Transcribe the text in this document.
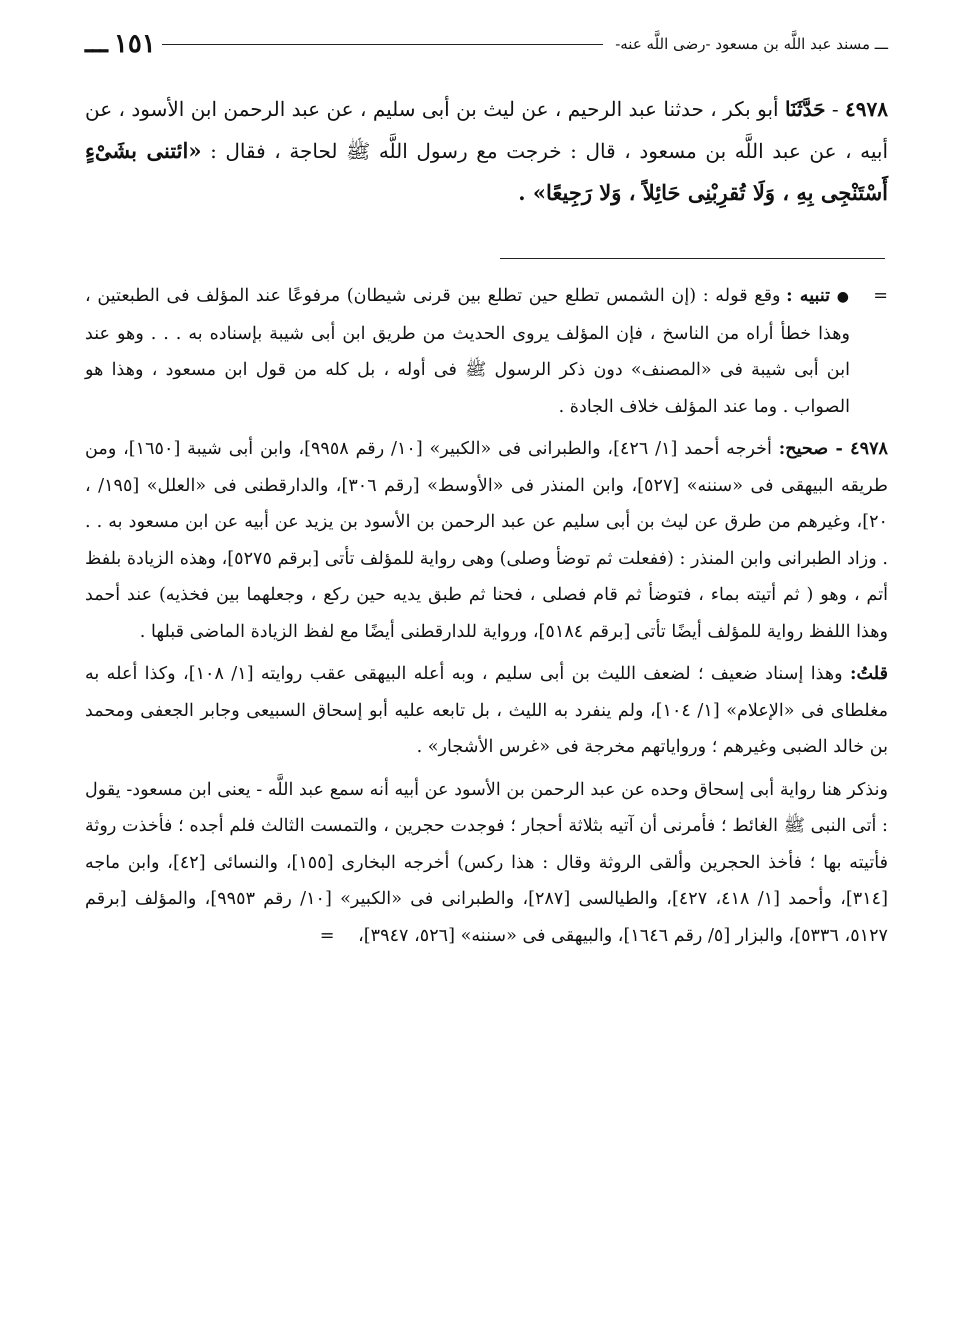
ـــ مسند عبد اللَّه بن مسعود -رضى اللَّه عنه-
١٥١
ـــ
٤٩٧٨ - حَدَّثَنَا أبو بكر ، حدثنا عبد الرحيم ، عن ليث بن أبى سليم ، عن عبد الرحمن ابن الأسود ، عن أبيه ، عن عبد اللَّه بن مسعود ، قال : خرجت مع رسول اللَّه ﷺ لحاجة ، فقال : «ائتنى بشَىْءٍ أَسْتَنْجِى بِهِ ، وَلَا تُقرِبْنِى حَائِلاً ، وَلا رَجِيعًا» .

=
● تنبيه : وقع قوله : (إن الشمس تطلع حين تطلع بين قرنى شيطان) مرفوعًا عند المؤلف فى الطبعتين ، وهذا خطأ أراه من الناسخ ، فإن المؤلف يروى الحديث من طريق ابن أبى شيبة بإسناده به . . . وهو عند ابن أبى شيبة فى «المصنف» دون ذكر الرسول ﷺ فى أوله ، بل كله من قول ابن مسعود ، وهذا هو الصواب . وما عند المؤلف خلاف الجادة .

٤٩٧٨ - صحيح: أخرجه أحمد [١/ ٤٢٦]، والطبرانى فى «الكبير» [١٠/ رقم ٩٩٥٨]، وابن أبى شيبة [١٦٥٠]، ومن طريقه البيهقى فى «سننه» [٥٢٧]، وابن المنذر فى «الأوسط» [رقم ٣٠٦]، والدارقطنى فى «العلل» [١٩٥/ ، ٢٠]، وغيرهم من طرق عن ليث بن أبى سليم عن عبد الرحمن بن الأسود بن يزيد عن أبيه عن ابن مسعود به . . . وزاد الطبرانى وابن المنذر : (ففعلت ثم توضأ وصلى) وهى رواية للمؤلف تأتى [برقم ٥٢٧٥]، وهذه الزيادة بلفظ أتم ، وهو ( ثم أتيته بماء ، فتوضأ ثم قام فصلى ، فحنا ثم طبق يديه حين ركع ، وجعلهما بين فخذيه) عند أحمد وهذا اللفظ رواية للمؤلف أيضًا تأتى [برقم ٥١٨٤]، ورواية للدارقطنى أيضًا مع لفظ الزيادة الماضى قبلها .

قلتُ: وهذا إسناد ضعيف ؛ لضعف الليث بن أبى سليم ، وبه أعله البيهقى عقب روايته [١/ ١٠٨]، وكذا أعله به مغلطاى فى «الإعلام» [١/ ١٠٤]، ولم ينفرد به الليث ، بل تابعه عليه أبو إسحاق السبيعى وجابر الجعفى ومحمد بن خالد الضبى وغيرهم ؛ ورواياتهم مخرجة فى «غرس الأشجار» .

ونذكر هنا رواية أبى إسحاق وحده عن عبد الرحمن بن الأسود عن أبيه أنه سمع عبد اللَّه - يعنى ابن مسعود- يقول : أتى النبى ﷺ الغائط ؛ فأمرنى أن آتيه بثلاثة أحجار ؛ فوجدت حجرين ، والتمست الثالث فلم أجده ؛ فأخذت روثة فأتيته بها ؛ فأخذ الحجرين وألقى الروثة وقال : هذا ركس) أخرجه البخارى [١٥٥]، والنسائى [٤٢]، وابن ماجه [٣١٤]، وأحمد [١/ ٤١٨، ٤٢٧]، والطيالسى [٢٨٧]، والطبرانى فى «الكبير» [١٠/ رقم ٩٩٥٣]، والمؤلف [برقم ٥١٢٧، ٥٣٣٦]، والبزار [٥/ رقم ١٦٤٦]، والبيهقى فى «سننه» [٥٢٦، ٣٩٤٧]، =
